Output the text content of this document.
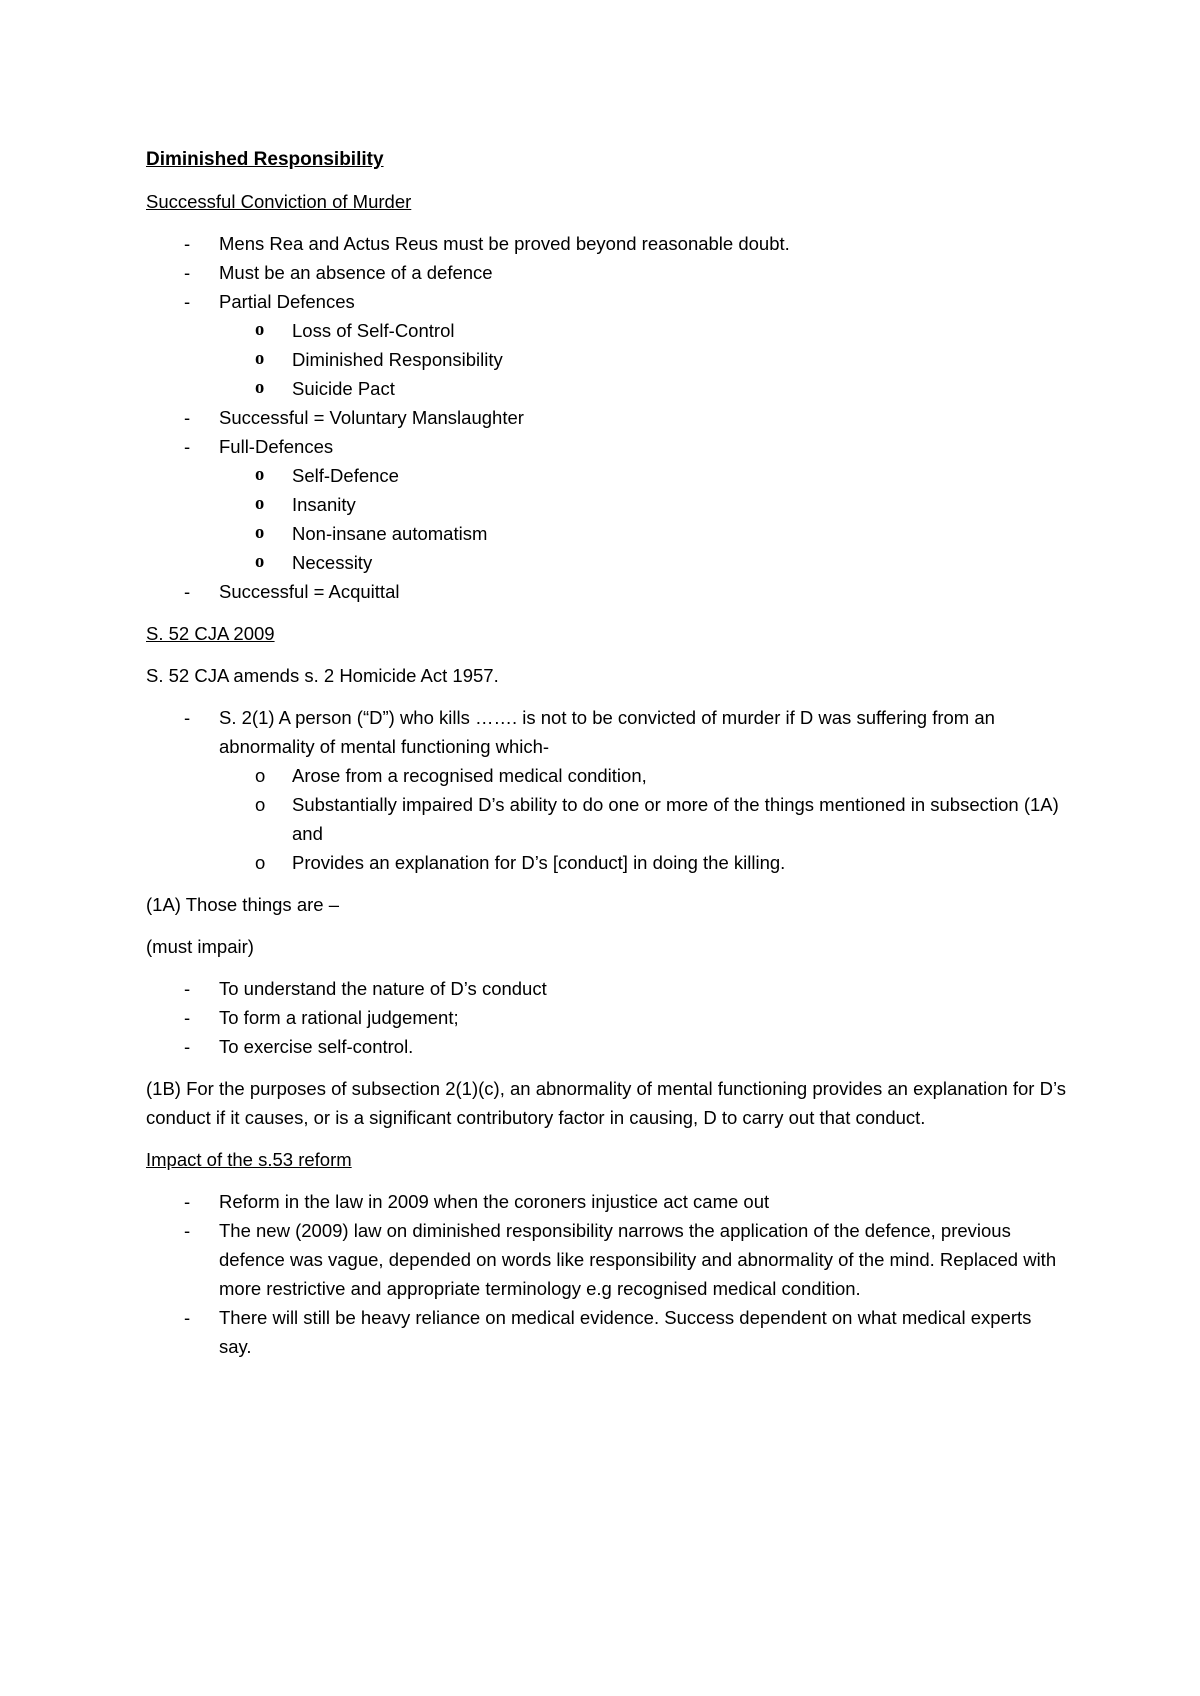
Diminished Responsibility
Successful Conviction of Murder
- Mens Rea and Actus Reus must be proved beyond reasonable doubt.
- Must be an absence of a defence
- Partial Defences
o Loss of Self-Control
o Diminished Responsibility
o Suicide Pact
- Successful = Voluntary Manslaughter
- Full-Defences
o Self-Defence
o Insanity
o Non-insane automatism
o Necessity
- Successful = Acquittal
S. 52 CJA 2009

S. 52 CJA amends s. 2 Homicide Act 1957.

- S. 2(1) A person (“D”) who kills ……. is not to be convicted of murder if D was suffering from an abnormality of mental functioning which-
o Arose from a recognised medical condition,
o Substantially impaired D’s ability to do one or more of the things mentioned in subsection (1A) and
o Provides an explanation for D’s [conduct] in doing the killing.

(1A) Those things are –

(must impair)

- To understand the nature of D’s conduct
- To form a rational judgement;
- To exercise self-control.

(1B) For the purposes of subsection 2(1)(c), an abnormality of mental functioning provides an explanation for D’s conduct if it causes, or is a significant contributory factor in causing, D to carry out that conduct.

Impact of the s.53 reform
- Reform in the law in 2009 when the coroners injustice act came out
- The new (2009) law on diminished responsibility narrows the application of the defence, previous defence was vague, depended on words like responsibility and abnormality of the mind. Replaced with more restrictive and appropriate terminology e.g recognised medical condition.
- There will still be heavy reliance on medical evidence. Success dependent on what medical experts say.
